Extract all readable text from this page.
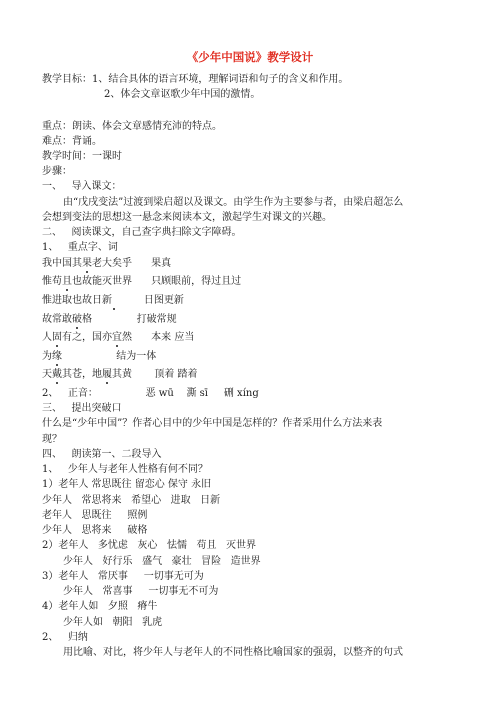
《少年中国说》教学设计
教学目标：1、结合具体的语言环境，理解词语和句子的含义和作用。
2、体会文章讴歌少年中国的激情。
重点：朗读、体会文章感情充沛的特点。
难点：背诵。
教学时间：一课时
步骤：
一、   导入课文：
由“戊戌变法”过渡到梁启超以及课文。由学生作为主要参与者，由梁启超怎么
会想到变法的思想这一悬念来阅读本文，激起学生对课文的兴趣。
二、   阅读课文，自己查字典扫除文字障碍。
1、   重点字、词
我中国其果老大矣乎 果真
惟苟且也故能灭世界 只顾眼前，得过且过
惟进取也故日新	日图更新
故常敢破格	打破常规
人固有之，国亦宜然 本来 应当
为缘	结为一体
天戴其苍，地履其黄 顶着 踏着
2、   正音：               恶 wū    澌 sī     硎 xíng
三、   提出突破口
什么是“少年中国”？作者心目中的少年中国是怎样的？作者采用什么方法来表
现？
四、   朗读第一、二段导入
1、   少年人与老年人性格有何不同？
1）老年人 常思既往 留恋心 保守 永旧
少年人   常思将来   希望心   进取   日新
老年人   思既往     照例
少年人   思将来     破格
2）老年人   多忧虑   灰心   怯懦   苟且   灭世界
少年人   好行乐   盛气   豪壮   冒险   造世界
3）老年人   常厌事     一切事无可为
少年人   常喜事     一切事无不可为
4）老年人如   夕照   瘠牛
少年人如   朝阳   乳虎
2、   归纳
用比喻、对比，将少年人与老年人的不同性格比喻国家的强弱，以整齐的句式
